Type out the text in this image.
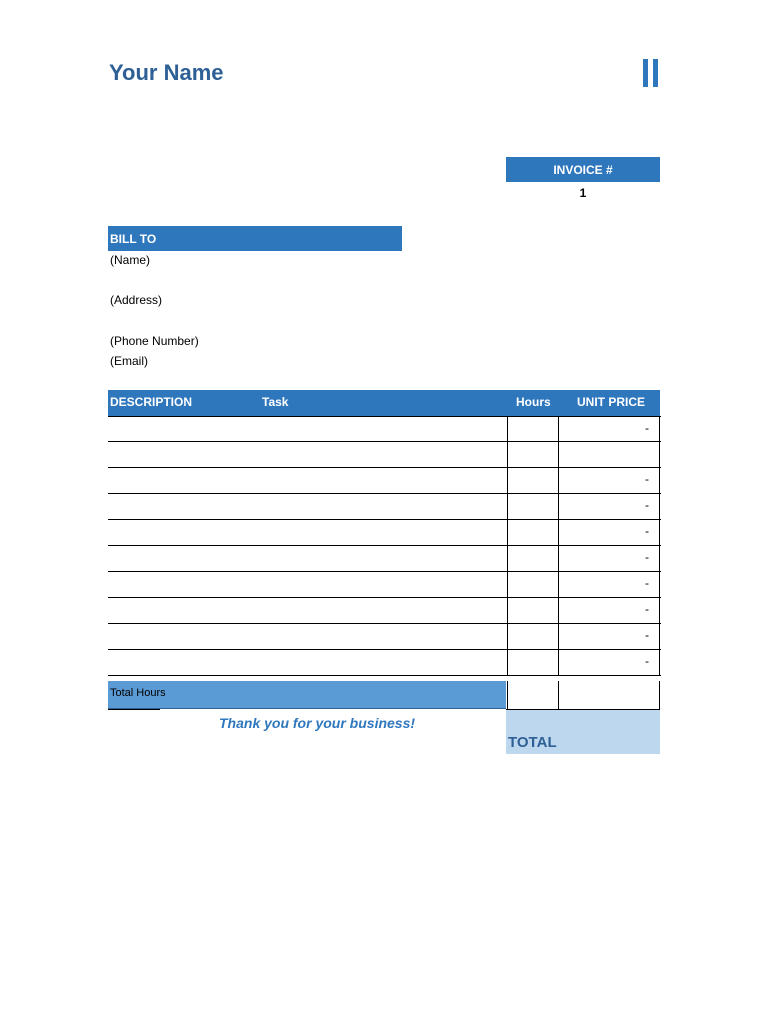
Your Name
INVOICE #
1
BILL TO
(Name)
(Address)
(Phone Number)
(Email)
DESCRIPTION	Task	Hours UNIT PRICE
-
-
-
-
-
-
-
-
-
Total Hours
Thank you for your business!
TOTAL
